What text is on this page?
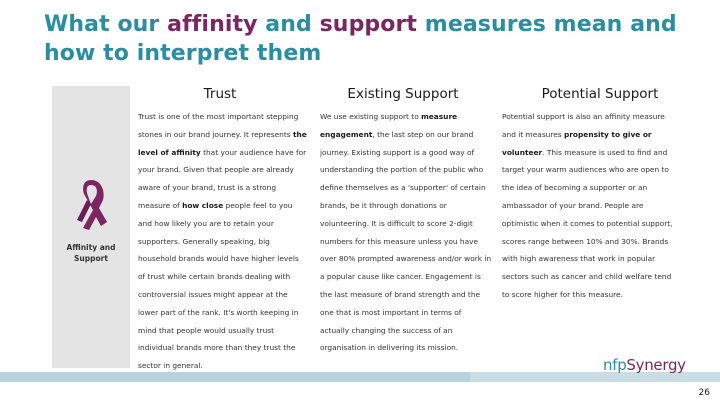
What our affinity and support measures mean and how to interpret them
Affinity and Support
Trust	Existing Support	Potential Support
Trust is one of the most important stepping stones in our brand journey. It represents the level of affinity that your audience have for your brand. Given that people are already aware of your brand, trust is a strong measure of how close people feel to you and how likely you are to retain your supporters. Generally speaking, big household brands would have higher levels of trust while certain brands dealing with controversial issues might appear at the lower part of the rank. It's worth keeping in mind that people would usually trust individual brands more than they trust the sector in general.
We use existing support to measure engagement, the last step on our brand journey. Existing support is a good way of understanding the portion of the public who define themselves as a 'supporter' of certain brands, be it through donations or volunteering. It is difficult to score 2-digit numbers for this measure unless you have over 80% prompted awareness and/or work in a popular cause like cancer. Engagement is the last measure of brand strength and the one that is most important in terms of actually changing the success of an organisation in delivering its mission.
Potential support is also an affinity measure and it measures propensity to give or volunteer. This measure is used to find and target your warm audiences who are open to the idea of becoming a supporter or an ambassador of your brand. People are optimistic when it comes to potential support, scores range between 10% and 30%. Brands with high awareness that work in popular sectors such as cancer and child welfare tend to score higher for this measure.
nfpSynergy
26
